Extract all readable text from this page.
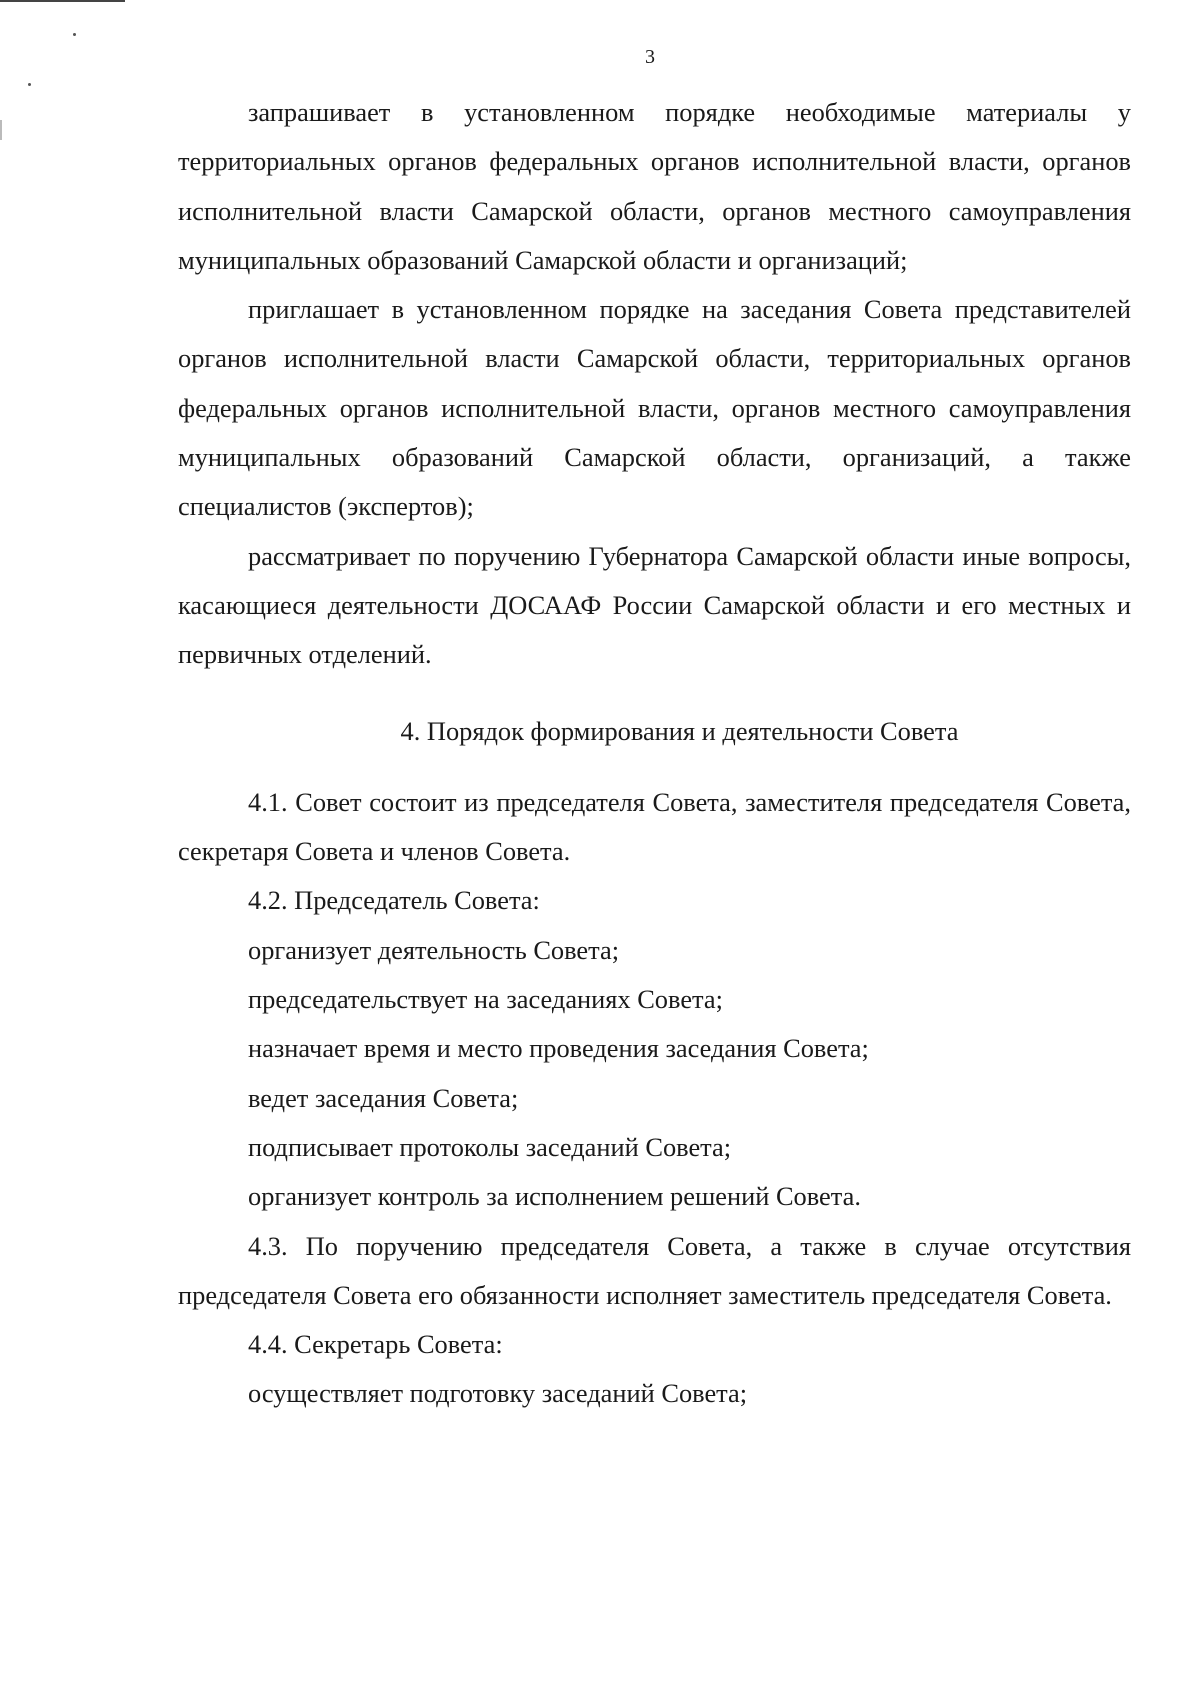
3

запрашивает в установленном порядке необходимые материалы у территориальных органов федеральных органов исполнительной власти, органов исполнительной власти Самарской области, органов местного самоуправления муниципальных образований Самарской области и организаций;

приглашает в установленном порядке на заседания Совета представителей органов исполнительной власти Самарской области, территориальных органов федеральных органов исполнительной власти, органов местного самоуправления муниципальных образований Самарской области, организаций, а также специалистов (экспертов);

рассматривает по поручению Губернатора Самарской области иные вопросы, касающиеся деятельности ДОСААФ России Самарской области и его местных и первичных отделений.

4. Порядок формирования и деятельности Совета

4.1. Совет состоит из председателя Совета, заместителя председателя Совета, секретаря Совета и членов Совета.

4.2. Председатель Совета:

организует деятельность Совета;

председательствует на заседаниях Совета;

назначает время и место проведения заседания Совета;

ведет заседания Совета;

подписывает протоколы заседаний Совета;

организует контроль за исполнением решений Совета.

4.3. По поручению председателя Совета, а также в случае отсутствия председателя Совета его обязанности исполняет заместитель председателя Совета.

4.4. Секретарь Совета:

осуществляет подготовку заседаний Совета;
